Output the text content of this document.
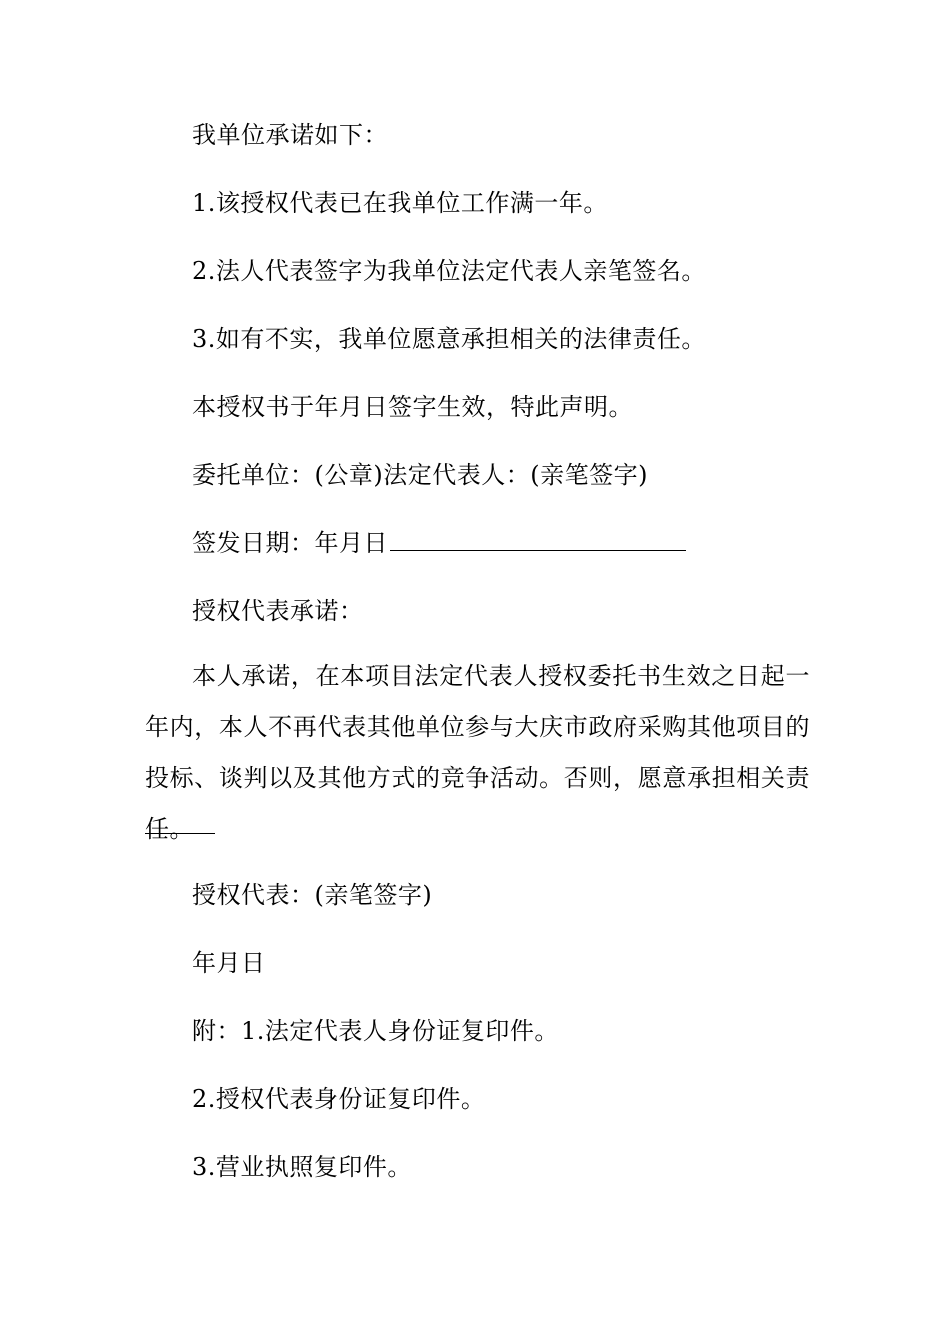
我单位承诺如下：

1.该授权代表已在我单位工作满一年。

2.法人代表签字为我单位法定代表人亲笔签名。

3.如有不实，我单位愿意承担相关的法律责任。

本授权书于年月日签字生效，特此声明。

委托单位：(公章)法定代表人：(亲笔签字)

签发日期：年月日

授权代表承诺：

本人承诺，在本项目法定代表人授权委托书生效之日起一年内，本人不再代表其他单位参与大庆市政府采购其他项目的投标、谈判以及其他方式的竞争活动。否则，愿意承担相关责任。

授权代表：(亲笔签字)

年月日

附：1.法定代表人身份证复印件。

2.授权代表身份证复印件。

3.营业执照复印件。
